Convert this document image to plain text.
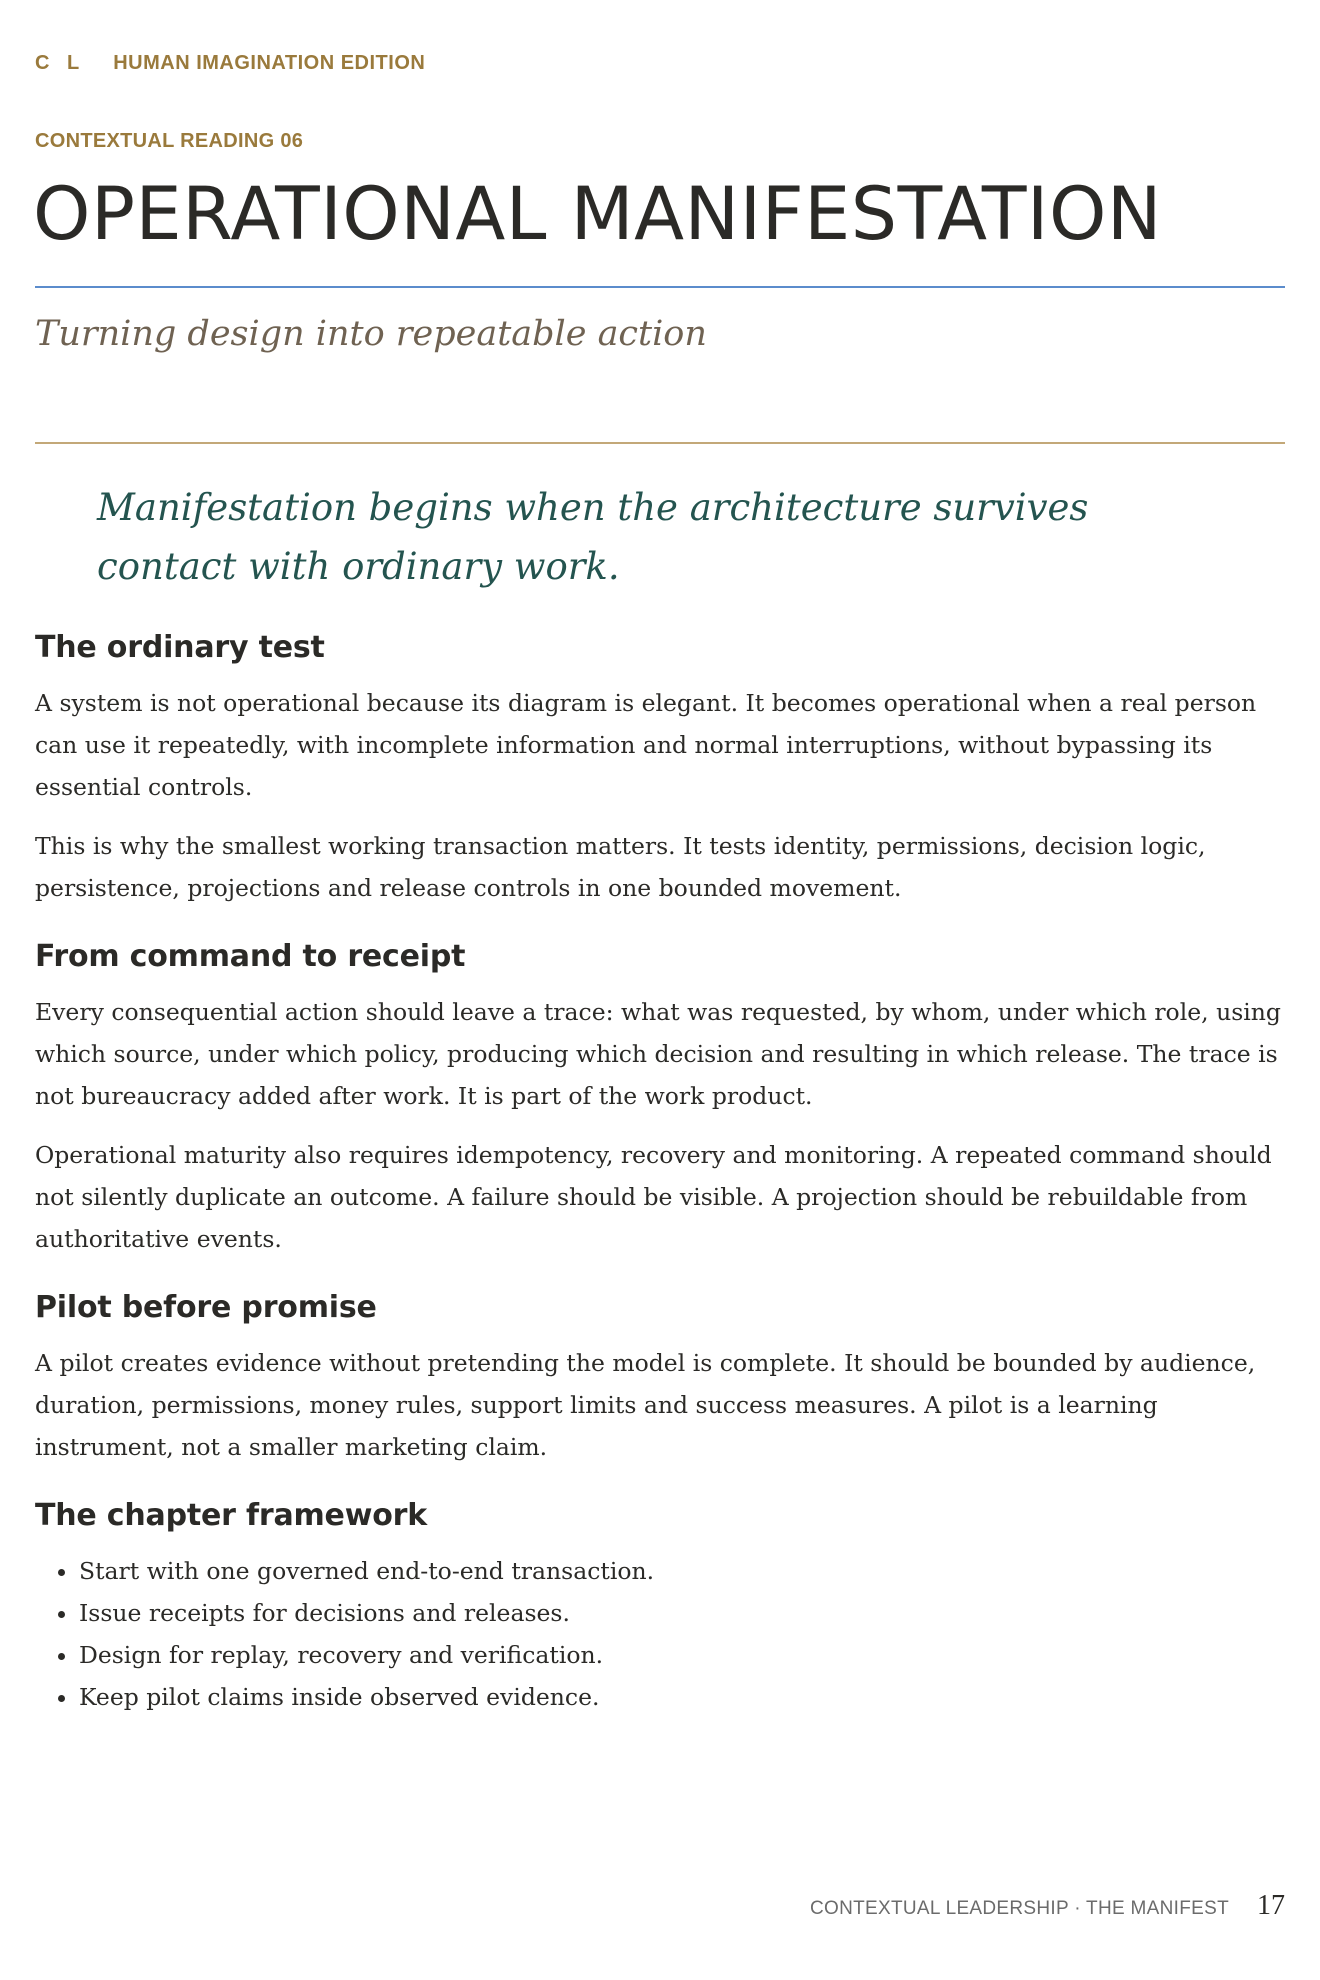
C L HUMAN IMAGINATION EDITION
CONTEXTUAL READING 06
OPERATIONAL MANIFESTATION
Turning design into repeatable action
Manifestation begins when the architecture survives contact with ordinary work.
The ordinary test

A system is not operational because its diagram is elegant. It becomes operational when a real person can use it repeatedly, with incomplete information and normal interruptions, without bypassing its essential controls.

This is why the smallest working transaction matters. It tests identity, permissions, decision logic, persistence, projections and release controls in one bounded movement.

From command to receipt

Every consequential action should leave a trace: what was requested, by whom, under which role, using which source, under which policy, producing which decision and resulting in which release. The trace is not bureaucracy added after work. It is part of the work product.

Operational maturity also requires idempotency, recovery and monitoring. A repeated command should not silently duplicate an outcome. A failure should be visible. A projection should be rebuildable from authoritative events.

Pilot before promise

A pilot creates evidence without pretending the model is complete. It should be bounded by audience, duration, permissions, money rules, support limits and success measures. A pilot is a learning instrument, not a smaller marketing claim.

The chapter framework
• Start with one governed end-to-end transaction.
• Issue receipts for decisions and releases.
• Design for replay, recovery and verification.
• Keep pilot claims inside observed evidence.
CONTEXTUAL LEADERSHIP · THE MANIFEST 17
